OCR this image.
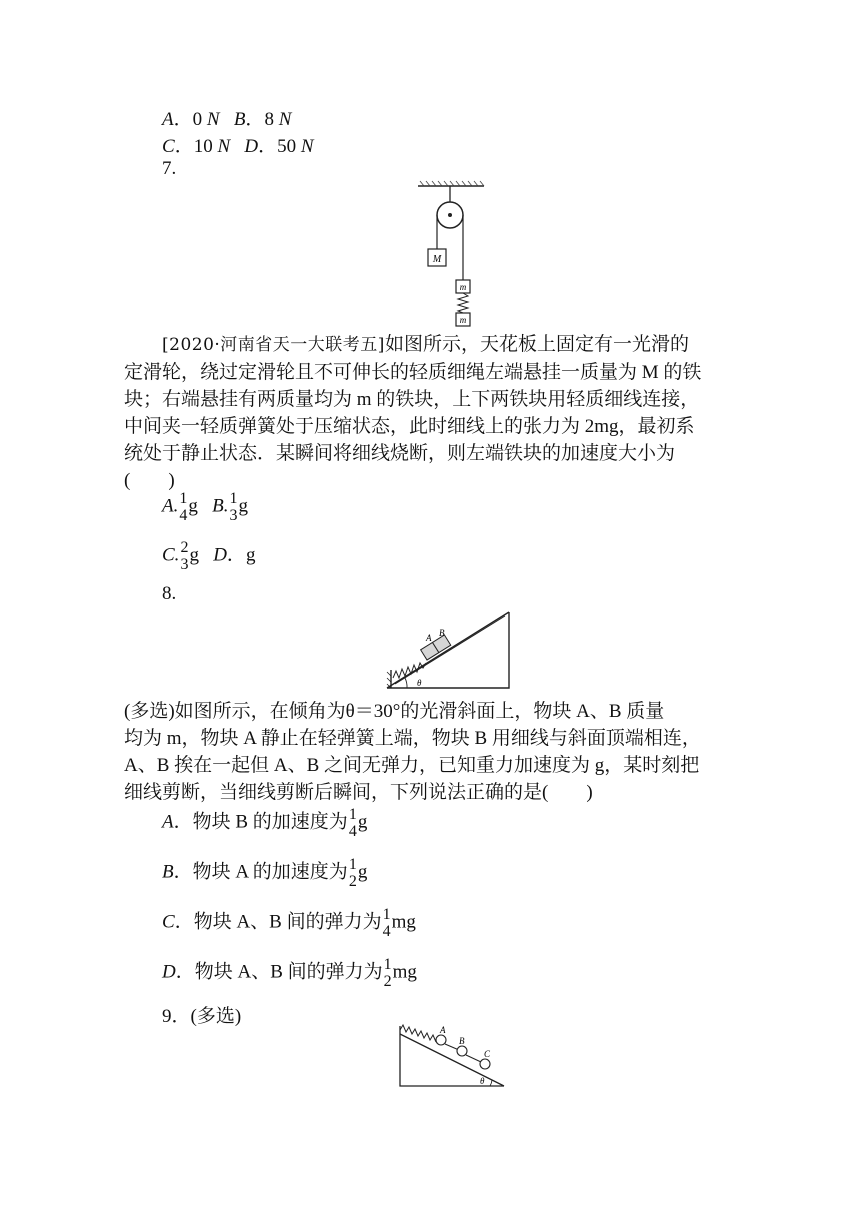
A．0 N B．8 N
C．10 N D．50 N
7.
M
m
m
[2020·河南省天一大联考五]如图所示，天花板上固定有一光滑的
定滑轮，绕过定滑轮且不可伸长的轻质细绳左端悬挂一质量为 M 的铁
块；右端悬挂有两质量均为 m 的铁块，上下两铁块用轻质细线连接，
中间夹一轻质弹簧处于压缩状态，此时细线上的张力为 2mg，最初系
统处于静止状态．某瞬间将细线烧断，则左端铁块的加速度大小为
(　　)
A. 1
4 g B. 1
3 g
C. 2
3 g D．g
8.
A B
θ
(多选)如图所示，在倾角为θ＝30°的光滑斜面上，物块 A、B 质量
均为 m，物块 A 静止在轻弹簧上端，物块 B 用细线与斜面顶端相连，
A、B 挨在一起但 A、B 之间无弹力，已知重力加速度为 g，某时刻把
细线剪断，当细线剪断后瞬间，下列说法正确的是(　　)
A．物块 B 的加速度为 1
4 g
B．物块 A 的加速度为 1
2 g
C．物块 A、B 间的弹力为 1
4 mg
D．物块 A、B 间的弹力为 1
2 mg
9．(多选)
A
B
C
θ
